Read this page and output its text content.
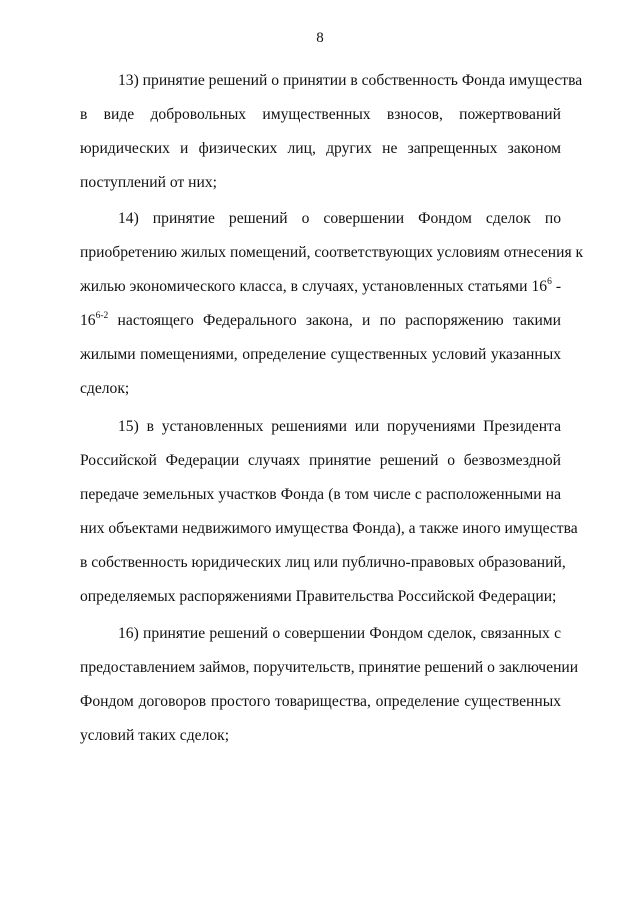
8
13) принятие решений о принятии в собственность Фонда имущества
в виде добровольных имущественных взносов, пожертвований
юридических и физических лиц, других не запрещенных законом
поступлений от них;
14) принятие решений о совершении Фондом сделок по
приобретению жилых помещений, соответствующих условиям отнесения к
жилью экономического класса, в случаях, установленных статьями $16^6$ -
16$^{6-2}$ настоящего Федерального закона, и по распоряжению такими
жилыми помещениями, определение существенных условий указанных
сделок;
15) в установленных решениями или поручениями Президента
Российской Федерации случаях принятие решений о безвозмездной
передаче земельных участков Фонда (в том числе с расположенными на
них объектами недвижимого имущества Фонда), а также иного имущества
в собственность юридических лиц или публично-правовых образований,
определяемых распоряжениями Правительства Российской Федерации;
16) принятие решений о совершении Фондом сделок, связанных с
предоставлением займов, поручительств, принятие решений о заключении
Фондом договоров простого товарищества, определение существенных
условий таких сделок;
